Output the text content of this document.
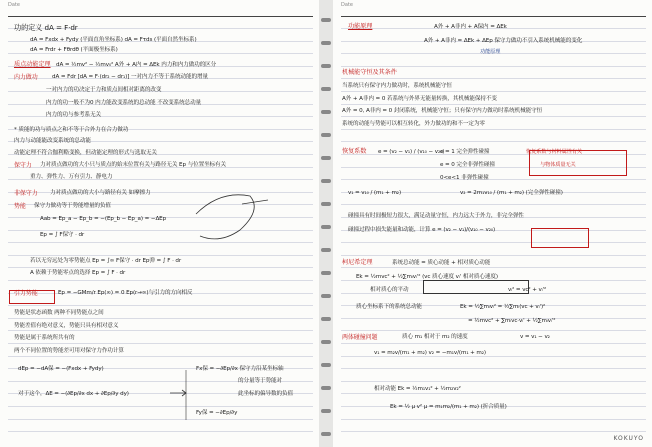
Date
功的定义 dA = F·dr
dA = Fxdx + Fydy (平面直角坐标系) dA = Fτds (平面自然坐标系)
dA = Frdr + Fθrdθ (平面极坐标系)
质点动能定理 dA = ½mv² − ½mv₀² A外 + A内 = ΔEk 内力和内力做功的区分
内力做功	dA = Fdr [dA = F·(dr₂ − dr₁)] 一对内力不等于系统动能的增量
一对内力的功决定于力和质点间相对距离的改变
内力的功一般不为0 内力能改变系统的总动能 不改变系统总动量
内力的功与参考系无关
* 质能的功与质点之和不等于合外力在合力做功
内力与动能能改变系统的总动能
动能定理不符合伽利略变换，但动能定理的形式与选取无关
保守力 力对质点做功的大小只与质点的始末位置有关与路径无关 Ep 与位置坐标有关
重力、弹性力、万有引力、静电力
非保守力 力对质点做功的大小与路径有关 如摩擦力
势能 保守力做功等于势能增量的负值
Aab = Ep_a − Ep_b = −(Ep_b − Ep_a) = −ΔEp
Ep = ∫ F保守 · dr
若以无穷远处为零势能点 Ep = ∫∞ F保守 · dr Ep弹 = ∫ F · dr
A 依赖于势能零点的选择 Ep = ∫ F · dr
引力势能	Ep = −GMm/r Ep(∞) = 0 Ep(r→∞)与引力的方向相反
势能是状态函数 两种不同势能点之间
势能差值有绝对意义，势能只具有相对意义
势能是属于系统所共有的
两个不同位置的势能差可用对保守力作功计算
dEp = −dA保 = −(Fxdx + Fydy)	Fx保 = −∂Ep/∂x 保守力沿某坐标轴
的分量等于势能对
对于这个，ΔE = −(∂Ep/∂x dx + ∂Ep/∂y dy)	此坐标的偏导数的负值
Fy保 = −∂Ep/∂y
Date
KOKUYO
功能原理	A外 + A非内 + A保内 = ΔEk
A外 + A非内 = ΔEk + ΔEp 保守力做功不引入系统机械能的变化
功能原理
机械能守恒及其条件
当系统只有保守内力做功时，系统机械能守恒
A外 + A非内 = 0 若系统与外界无能量转换，其机械能保持不变
A外 = 0, A非内 = 0 封闭系统，机械能守恒；只有保守内力做功时系统机械能守恒
系统的动能与势能可以相互转化，外力做功的和不一定为零
恢复系数 e = (v₂ − v₁) / (v₁₀ − v₂₀)
e = 1 完全弹性碰撞	恢复系数与材料属性有关
e = 0 完全非弹性碰撞	与物体质量无关
0<e<1 非弹性碰撞
v₁ = v₁₀ / (m₁ + m₂)	v₂ = 2m₁v₁₀ / (m₁ + m₂) (完全弹性碰撞)
碰撞具有时间极短力很大，满足动量守恒，内力远大于外力，非完全弹性
碰撞过程中损失能量和动能，计算 e = (v₂ − v₁)/(v₁₀ − v₂₀)
柯尼希定理	系统总动能 = 质心动能 + 相对质心动能
Ek = ½mvc² + ½∑mᵢvᵢ'² (vc 质心速度 vᵢ' 相对质心速度)
相对质心的平动	vᵢ² = vc² + vᵢ'²
质心坐标系下的系统总动能	Ek = ½∑mᵢvᵢ² = ½∑mᵢ(vc + vᵢ')²
= ½mvc² + ∑mᵢvc·vᵢ' + ½∑mᵢvᵢ'²
两体碰撞问题	质心 m₁ 相对于 m₂ 的速度	v = v₁ − v₂
v₁ = m₂v/(m₁ + m₂) v₂ = −m₁v/(m₁ + m₂)
相对动能 Ek = ½m₁v₁² + ½m₂v₂²
Ek = ½ μ v² μ = m₁m₂/(m₁ + m₂) (折合质量)
